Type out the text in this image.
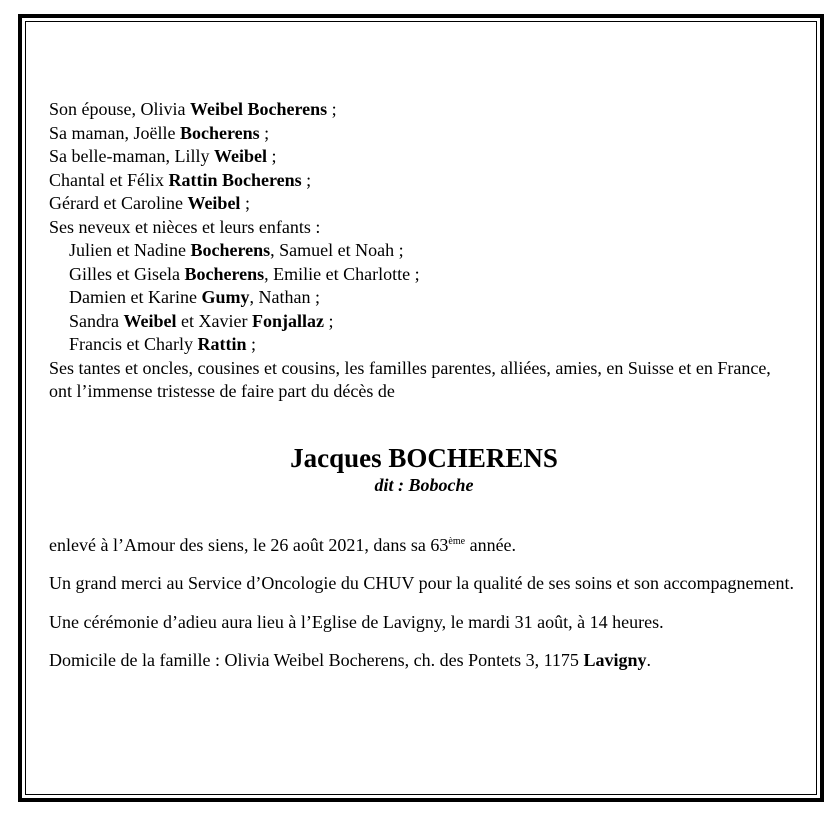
Son épouse, Olivia Weibel Bocherens ;
Sa maman, Joëlle Bocherens ;
Sa belle-maman, Lilly Weibel ;
Chantal et Félix Rattin Bocherens ;
Gérard et Caroline Weibel ;
Ses neveux et nièces et leurs enfants :
Julien et Nadine Bocherens, Samuel et Noah ;
Gilles et Gisela Bocherens, Emilie et Charlotte ;
Damien et Karine Gumy, Nathan ;
Sandra Weibel et Xavier Fonjallaz ;
Francis et Charly Rattin ;
Ses tantes et oncles, cousines et cousins, les familles parentes, alliées, amies, en Suisse et en France,
ont l’immense tristesse de faire part du décès de
Jacques BOCHERENS
dit : Boboche
enlevé à l’Amour des siens, le 26 août 2021, dans sa 63ème année.
Un grand merci au Service d’Oncologie du CHUV pour la qualité de ses soins et son accompagnement.
Une cérémonie d’adieu aura lieu à l’Eglise de Lavigny, le mardi 31 août, à 14 heures.
Domicile de la famille : Olivia Weibel Bocherens, ch. des Pontets 3, 1175 Lavigny.
